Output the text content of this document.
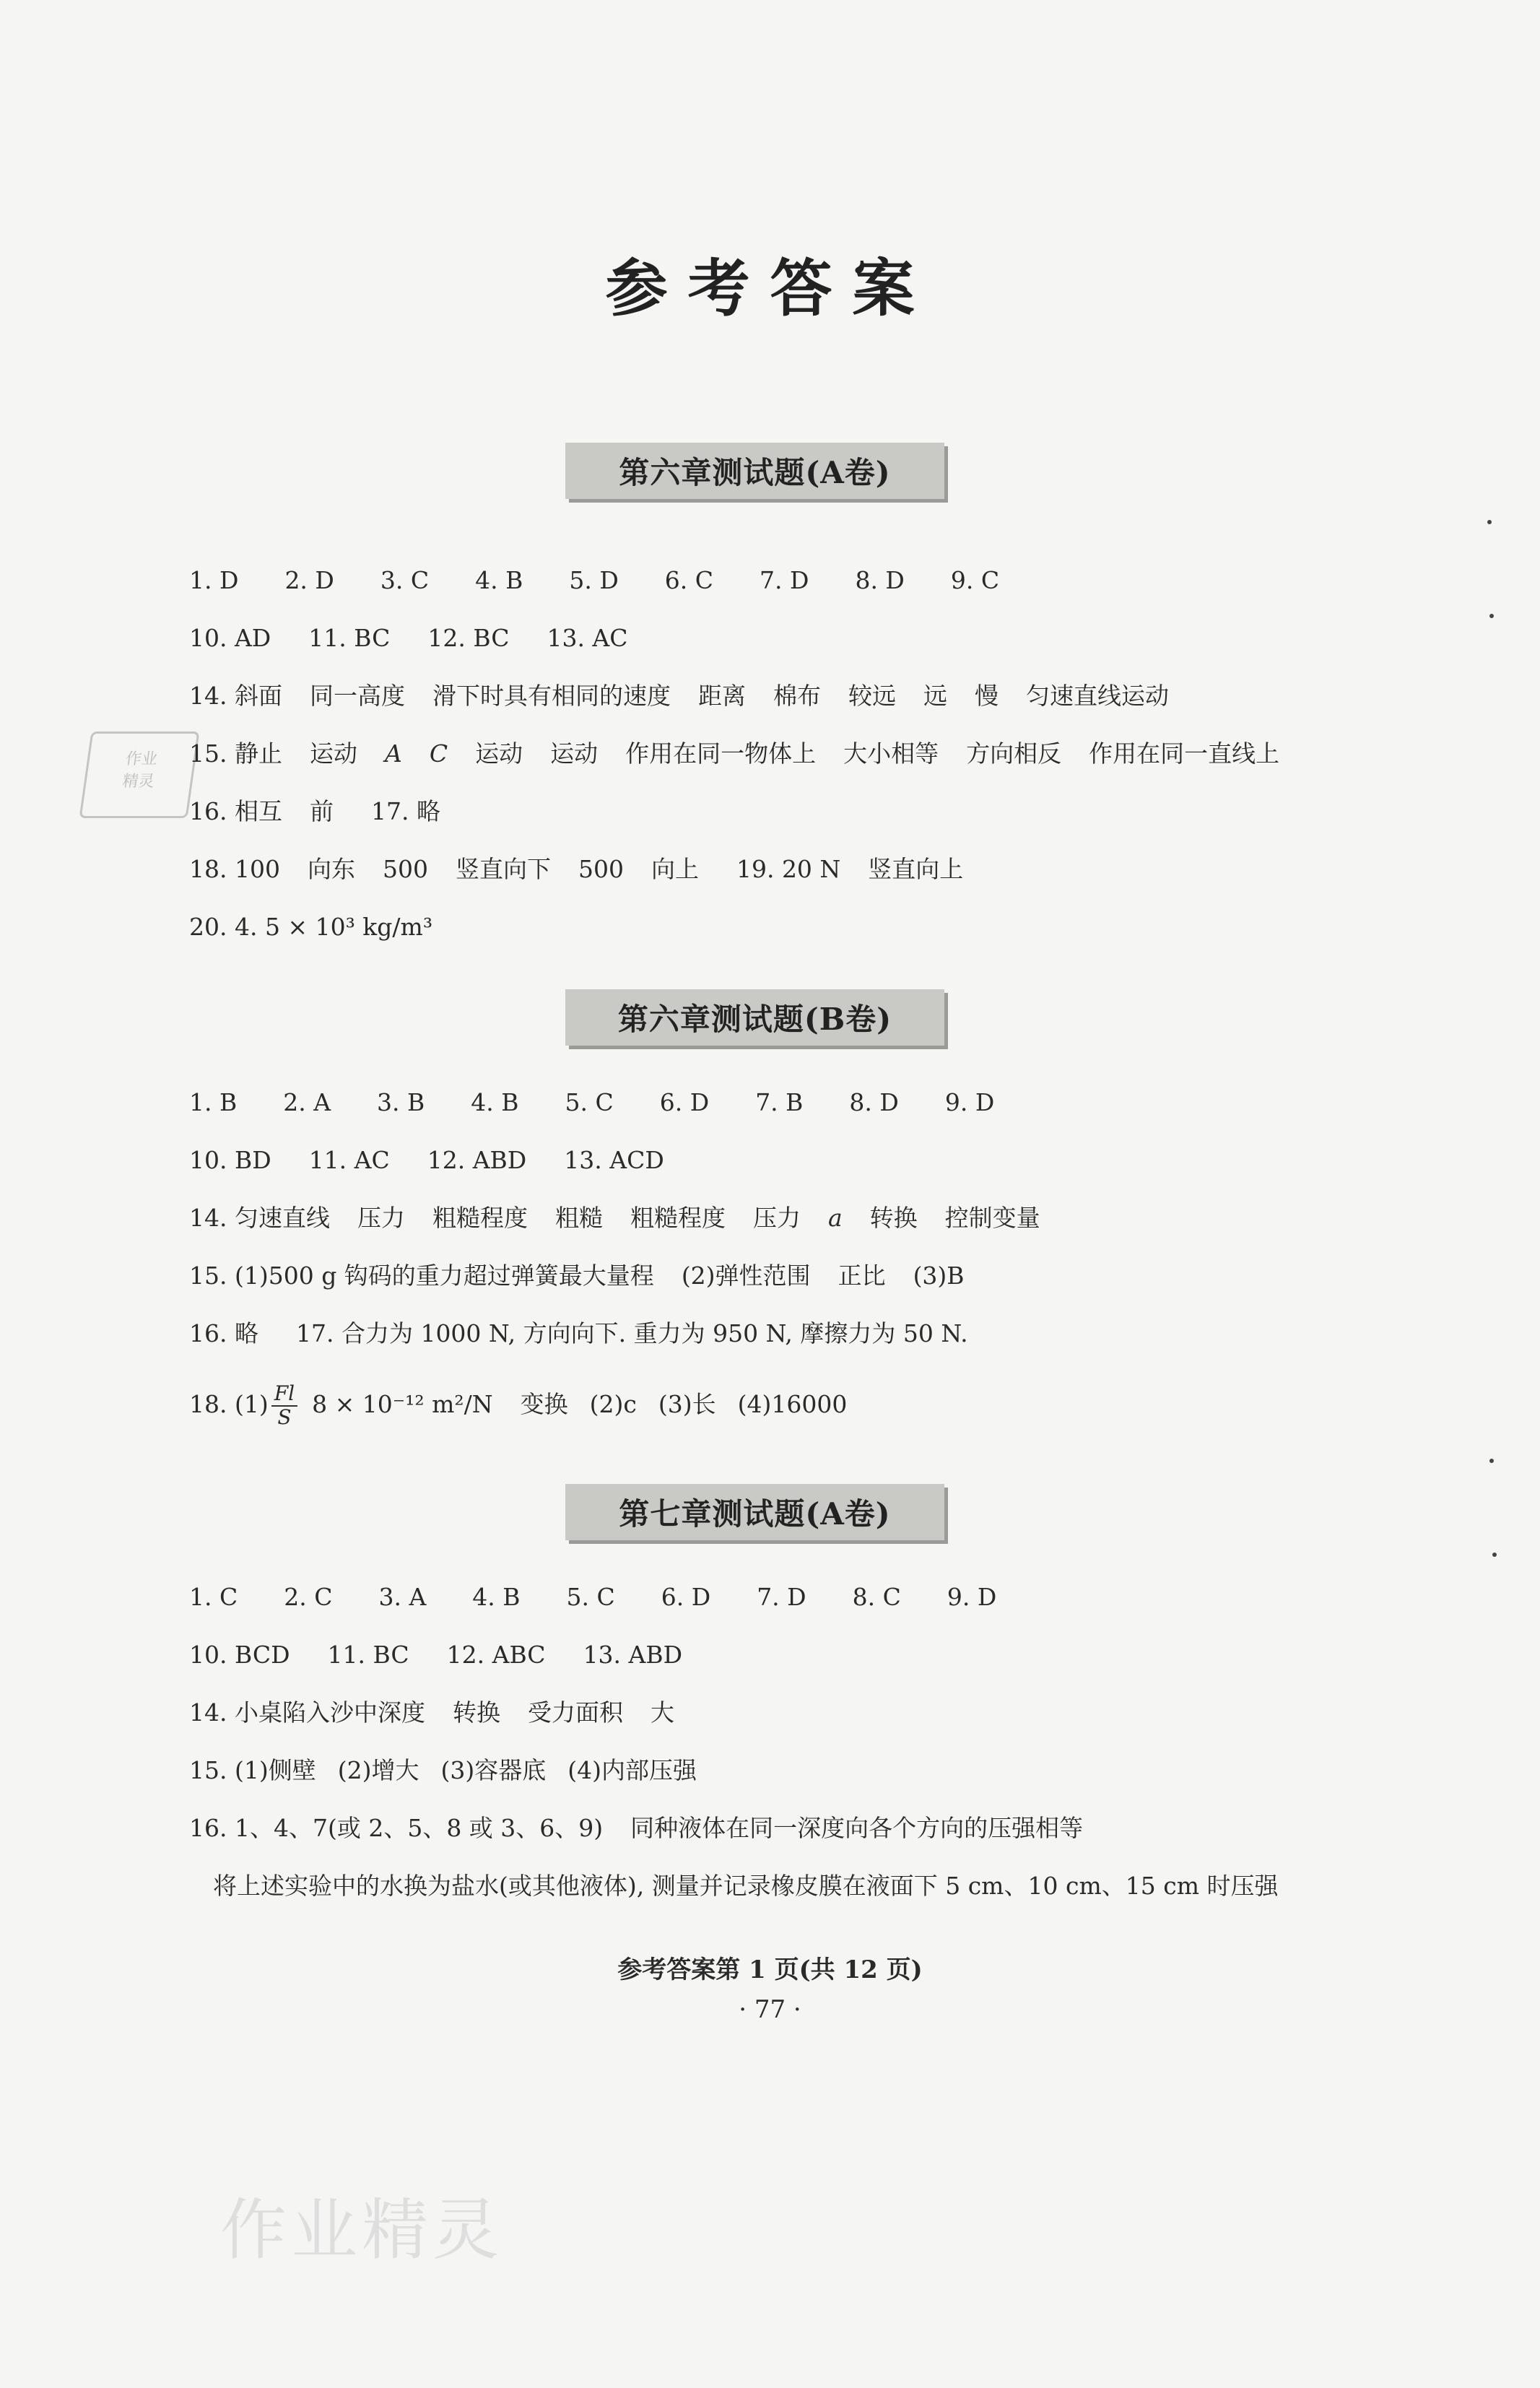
参考答案
作业
精灵
第六章测试题(A卷)
1. D 2. D 3. C 4. B 5. D 6. C 7. D 8. D 9. C
10. AD 11. BC 12. BC 13. AC
14. 斜面 同一高度 滑下时具有相同的速度 距离 棉布 较远 远 慢 匀速直线运动
15. 静止 运动 A C 运动 运动 作用在同一物体上 大小相等 方向相反 作用在同一直线上
16. 相互 前 17. 略
18. 100 向东 500 竖直向下 500 向上 19. 20 N 竖直向上
20. 4. 5 × 10³ kg/m³
第六章测试题(B卷)
1. B 2. A 3. B 4. B 5. C 6. D 7. B 8. D 9. D
10. BD 11. AC 12. ABD 13. ACD
14. 匀速直线 压力 粗糙程度 粗糙 粗糙程度 压力 a 转换 控制变量
15. (1)500 g 钩码的重力超过弹簧最大量程 (2)弹性范围 正比 (3)B
16. 略 17. 合力为 1000 N, 方向向下. 重力为 950 N, 摩擦力为 50 N.
18. $(1) \frac{Fl}{S} 8 \times 10^{-12}$ m²/N 变换 (2)c (3)长 (4)16000
第七章测试题(A卷)
1. C 2. C 3. A 4. B 5. C 6. D 7. D 8. C 9. D
10. BCD 11. BC 12. ABC 13. ABD
14. 小桌陷入沙中深度 转换 受力面积 大
15. (1)侧壁 (2)增大 (3)容器底 (4)内部压强
16. 1、4、7(或 2、5、8 或 3、6、9) 同种液体在同一深度向各个方向的压强相等
　将上述实验中的水换为盐水(或其他液体), 测量并记录橡皮膜在液面下 5 cm、10 cm、15 cm 时压强
参考答案第 1 页(共 12 页)
· 77 ·
作业精灵
